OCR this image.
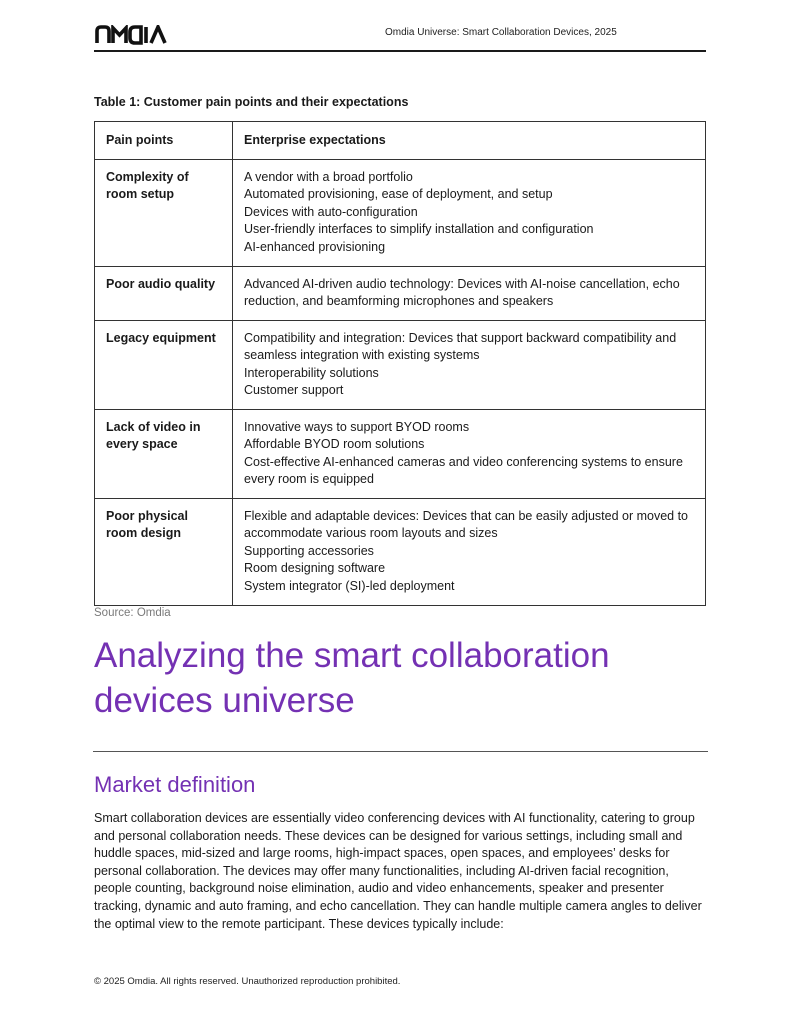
Omdia Universe: Smart Collaboration Devices, 2025
Table 1: Customer pain points and their expectations
Pain points	Enterprise expectations
Complexity of room setup	A vendor with a broad portfolio
Automated provisioning, ease of deployment, and setup
Devices with auto-configuration
User-friendly interfaces to simplify installation and configuration
AI-enhanced provisioning

Poor audio quality	Advanced AI-driven audio technology: Devices with AI-noise cancellation, echo reduction, and beamforming microphones and speakers

Legacy equipment	Compatibility and integration: Devices that support backward compatibility and seamless integration with existing systems
Interoperability solutions
Customer support

Lack of video in every space	Innovative ways to support BYOD rooms
Affordable BYOD room solutions
Cost-effective AI-enhanced cameras and video conferencing systems to ensure every room is equipped

Poor physical room design	Flexible and adaptable devices: Devices that can be easily adjusted or moved to accommodate various room layouts and sizes
Supporting accessories
Room designing software
System integrator (SI)-led deployment
Source: Omdia
Analyzing the smart collaboration devices universe
Market definition

Smart collaboration devices are essentially video conferencing devices with AI functionality, catering to group and personal collaboration needs. These devices can be designed for various settings, including small and huddle spaces, mid-sized and large rooms, high-impact spaces, open spaces, and employees’ desks for personal collaboration. The devices may offer many functionalities, including AI-driven facial recognition, people counting, background noise elimination, audio and video enhancements, speaker and presenter tracking, dynamic and auto framing, and echo cancellation. They can handle multiple camera angles to deliver the optimal view to the remote participant. These devices typically include:

© 2025 Omdia. All rights reserved. Unauthorized reproduction prohibited.
